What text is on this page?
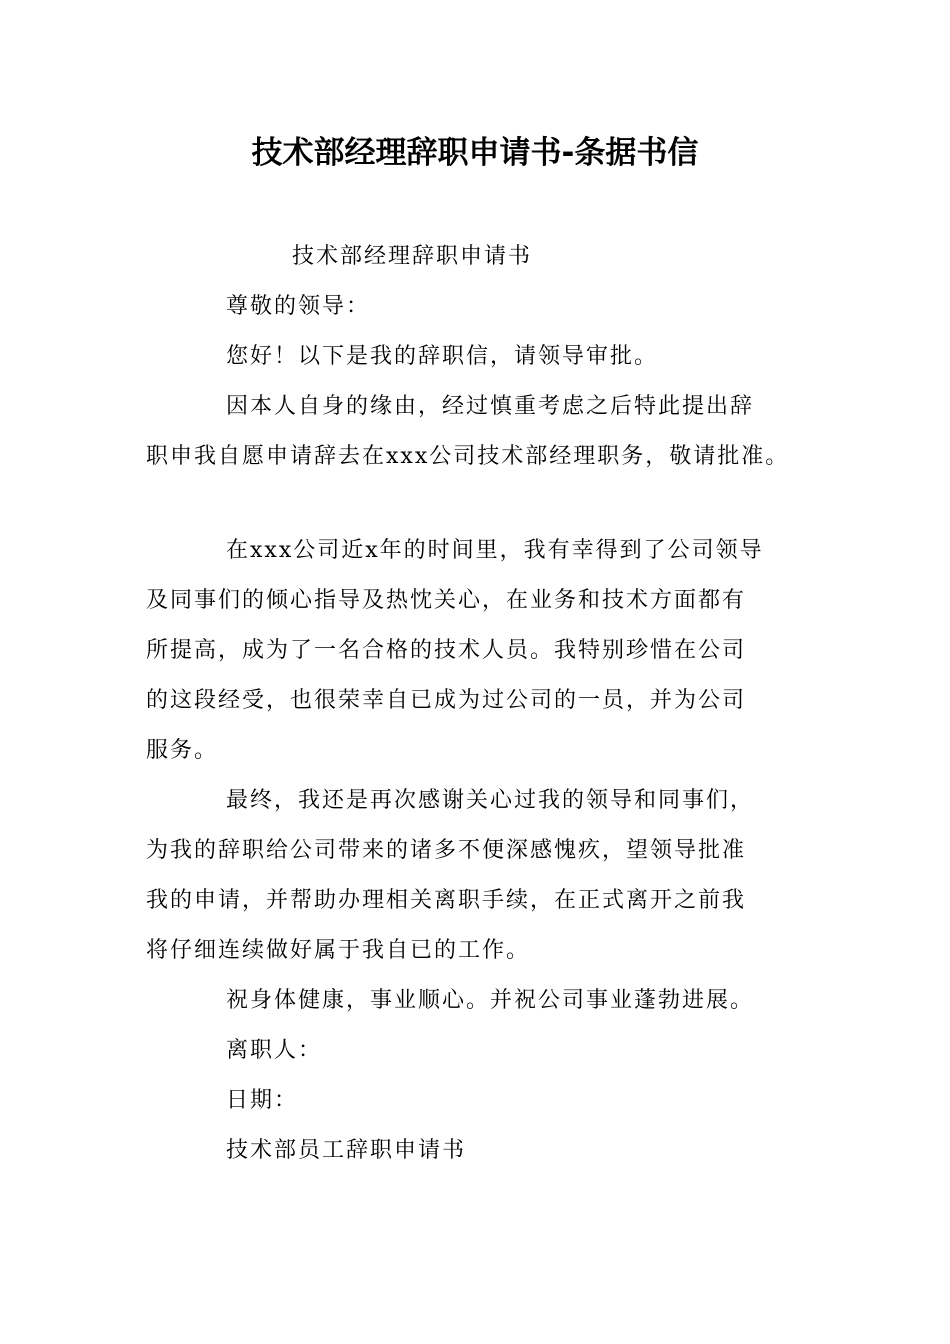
技术部经理辞职申请书-条据书信

技术部经理辞职申请书

尊敬的领导：

您好！以下是我的辞职信，请领导审批。

因本人自身的缘由，经过慎重考虑之后特此提出辞
职申我自愿申请辞去在xxx公司技术部经理职务，敬请批准。
在xxx公司近x年的时间里，我有幸得到了公司领导
及同事们的倾心指导及热忱关心，在业务和技术方面都有
所提高，成为了一名合格的技术人员。我特别珍惜在公司
的这段经受，也很荣幸自已成为过公司的一员，并为公司
服务。
最终，我还是再次感谢关心过我的领导和同事们，
为我的辞职给公司带来的诸多不便深感愧疚，望领导批准
我的申请，并帮助办理相关离职手续，在正式离开之前我
将仔细连续做好属于我自已的工作。

祝身体健康，事业顺心。并祝公司事业蓬勃进展。

离职人：

日期：

技术部员工辞职申请书
